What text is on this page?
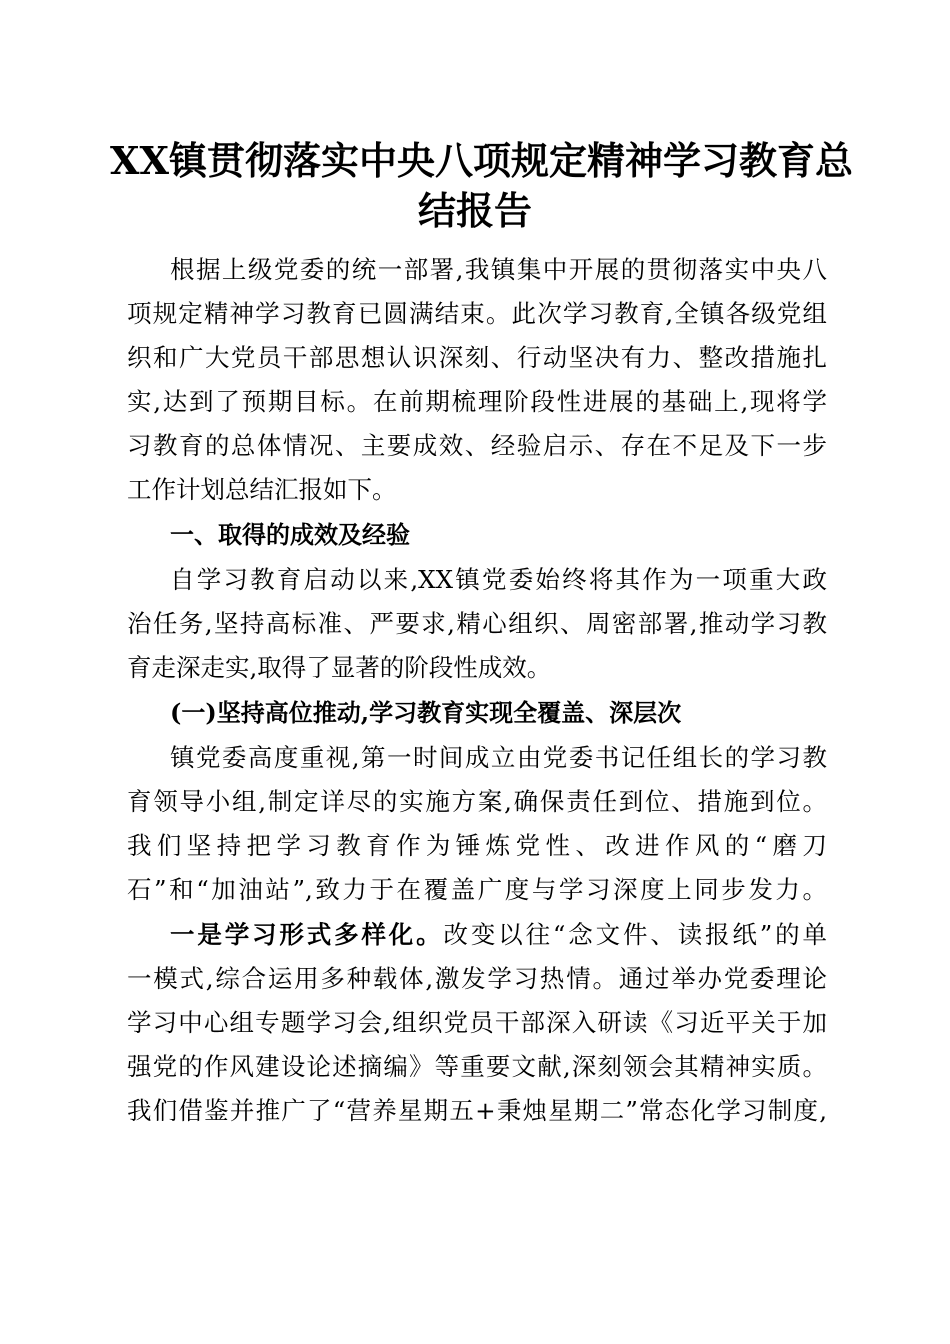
XX镇贯彻落实中央八项规定精神学习教育总
结报告

根据上级党委的统一部署,我镇集中开展的贯彻落实中央八

项规定精神学习教育已圆满结束。此次学习教育,全镇各级党组

织和广大党员干部思想认识深刻、行动坚决有力、整改措施扎

实,达到了预期目标。在前期梳理阶段性进展的基础上,现将学

习教育的总体情况、主要成效、经验启示、存在不足及下一步

工作计划总结汇报如下。

一、取得的成效及经验

自学习教育启动以来,XX镇党委始终将其作为一项重大政

治任务,坚持高标准、严要求,精心组织、周密部署,推动学习教

育走深走实,取得了显著的阶段性成效。

(一)坚持高位推动,学习教育实现全覆盖、深层次

镇党委高度重视,第一时间成立由党委书记任组长的学习教

育领导小组,制定详尽的实施方案,确保责任到位、措施到位。

我们坚持把学习教育作为锤炼党性、改进作风的“磨刀

石”和“加油站”,致力于在覆盖广度与学习深度上同步发力。

一是学习形式多样化。改变以往“念文件、读报纸”的单

一模式,综合运用多种载体,激发学习热情。通过举办党委理论

学习中心组专题学习会,组织党员干部深入研读《习近平关于加

强党的作风建设论述摘编》等重要文献,深刻领会其精神实质。

我们借鉴并推广了“营养星期五+秉烛星期二”常态化学习制度,
